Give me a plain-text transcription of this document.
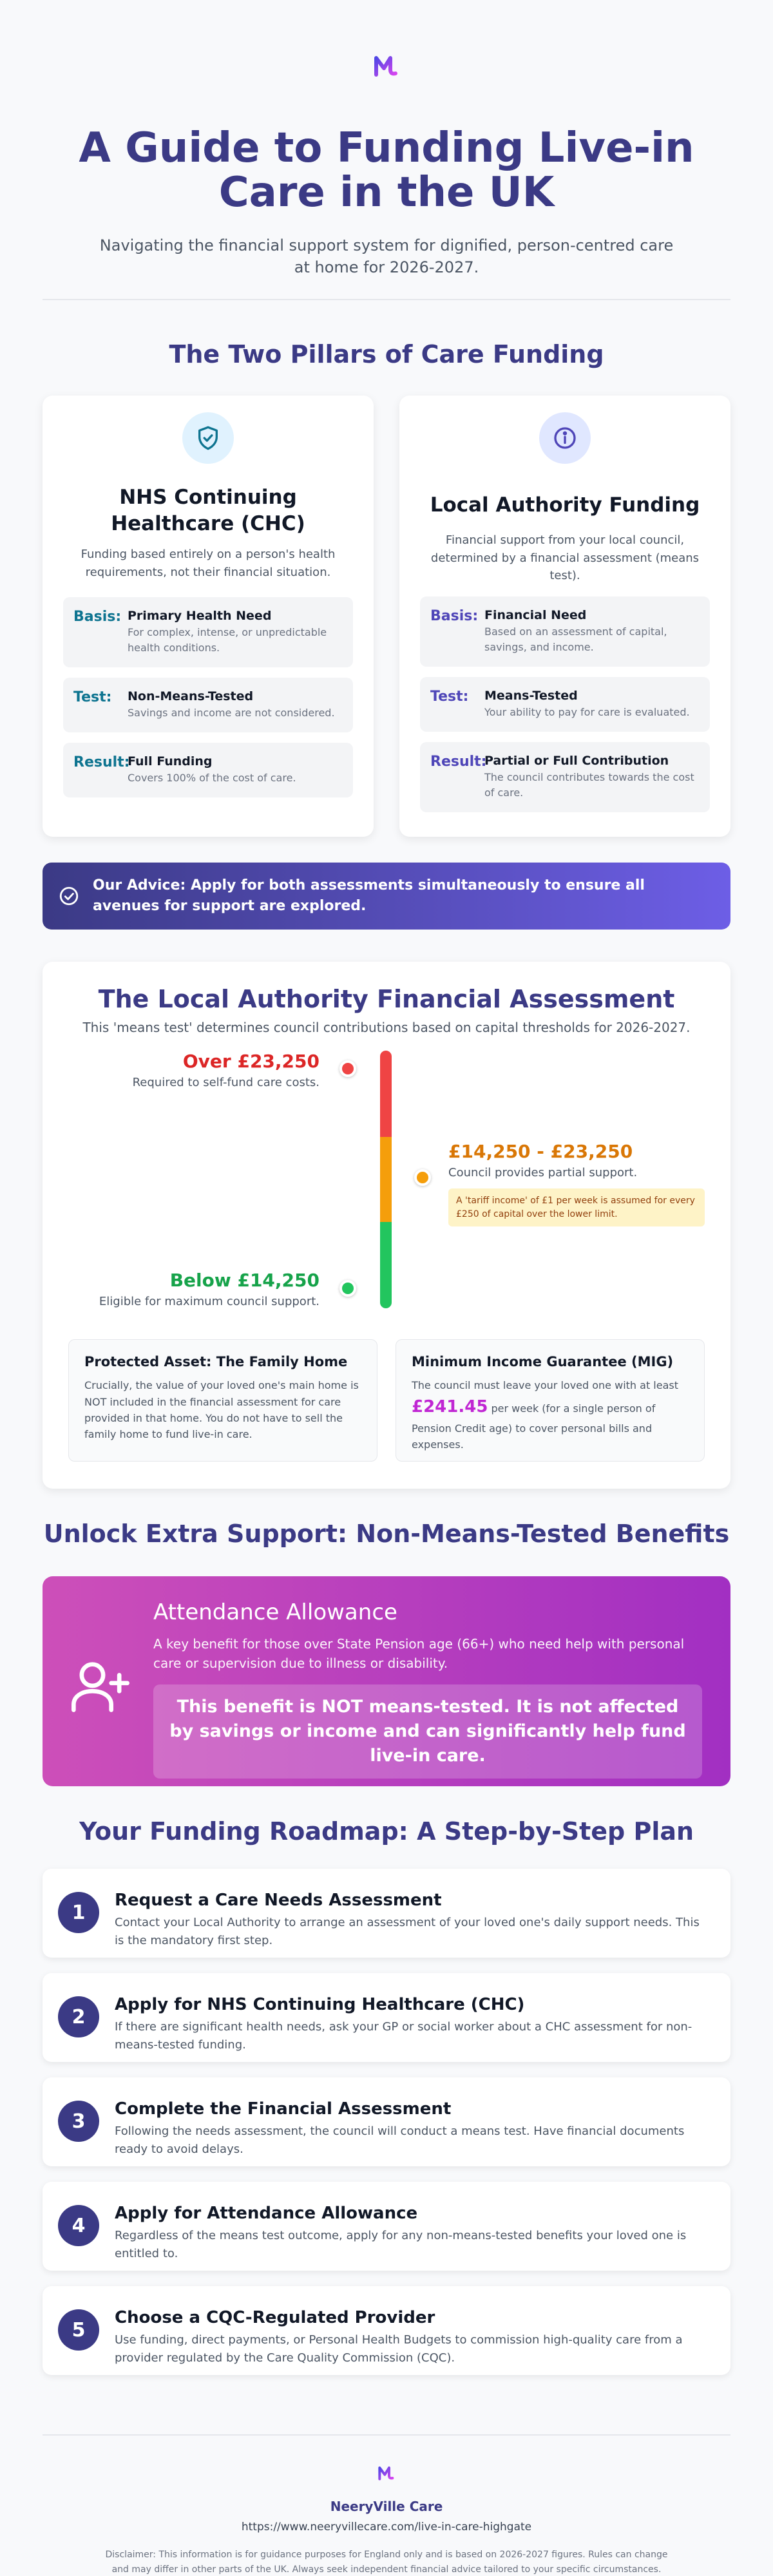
A Guide to Funding Live-in Care in the UK

Navigating the financial support system for dignified, person-centred care at home for 2026-2027.

The Two Pillars of Care Funding
NHS Continuing Healthcare (CHC)

Funding based entirely on a person's health requirements, not their financial situation.

Basis: Primary Health Need
For complex, intense, or unpredictable health conditions.
Test:	Non-Means-Tested
Savings and income are not considered.
Result:
Full Funding
Covers 100% of the cost of care.
Local Authority Funding

Financial support from your local council, determined by a financial assessment (means test).

Basis: Financial Need
Based on an assessment of capital, savings, and income.
Test:	Means-Tested
Your ability to pay for care is evaluated.
Result:
Partial or Full Contribution
The council contributes towards the cost of care.
Our Advice: Apply for both assessments simultaneously to ensure all avenues for support are explored.
The Local Authority Financial Assessment

This 'means test' determines council contributions based on capital thresholds for 2026-2027.

Over £23,250
Required to self-fund care costs.
£14,250 - £23,250
Council provides partial support.
A 'tariff income' of £1 per week is assumed for every £250 of capital over the lower limit.
Below £14,250
Eligible for maximum council support.
Protected Asset: The Family Home

Crucially, the value of your loved one's main home is NOT included in the financial assessment for care provided in that home. You do not have to sell the family home to fund live-in care.

Minimum Income Guarantee (MIG)

The council must leave your loved one with at least
£241.45 per week (for a single person of Pension Credit age) to cover personal bills and expenses.

Unlock Extra Support: Non-Means-Tested Benefits
Attendance Allowance

A key benefit for those over State Pension age (66+) who need help with personal care or supervision due to illness or disability.

This benefit is NOT means-tested. It is not affected by savings or income and can significantly help fund live-in care.
Your Funding Roadmap: A Step-by-Step Plan
1
Request a Care Needs Assessment
Contact your Local Authority to arrange an assessment of your loved one's daily support needs. This is the mandatory first step.
2
Apply for NHS Continuing Healthcare (CHC)
If there are significant health needs, ask your GP or social worker about a CHC assessment for non-means-tested funding.
3
Complete the Financial Assessment
Following the needs assessment, the council will conduct a means test. Have financial documents ready to avoid delays.
4
Apply for Attendance Allowance
Regardless of the means test outcome, apply for any non-means-tested benefits your loved one is entitled to.
5
Choose a CQC-Regulated Provider
Use funding, direct payments, or Personal Health Budgets to commission high-quality care from a provider regulated by the Care Quality Commission (CQC).
NeeryVille Care
https://www.neeryvillecare.com/live-in-care-highgate
Disclaimer: This information is for guidance purposes for England only and is based on 2026-2027 figures. Rules can change and may differ in other parts of the UK. Always seek independent financial advice tailored to your specific circumstances.
